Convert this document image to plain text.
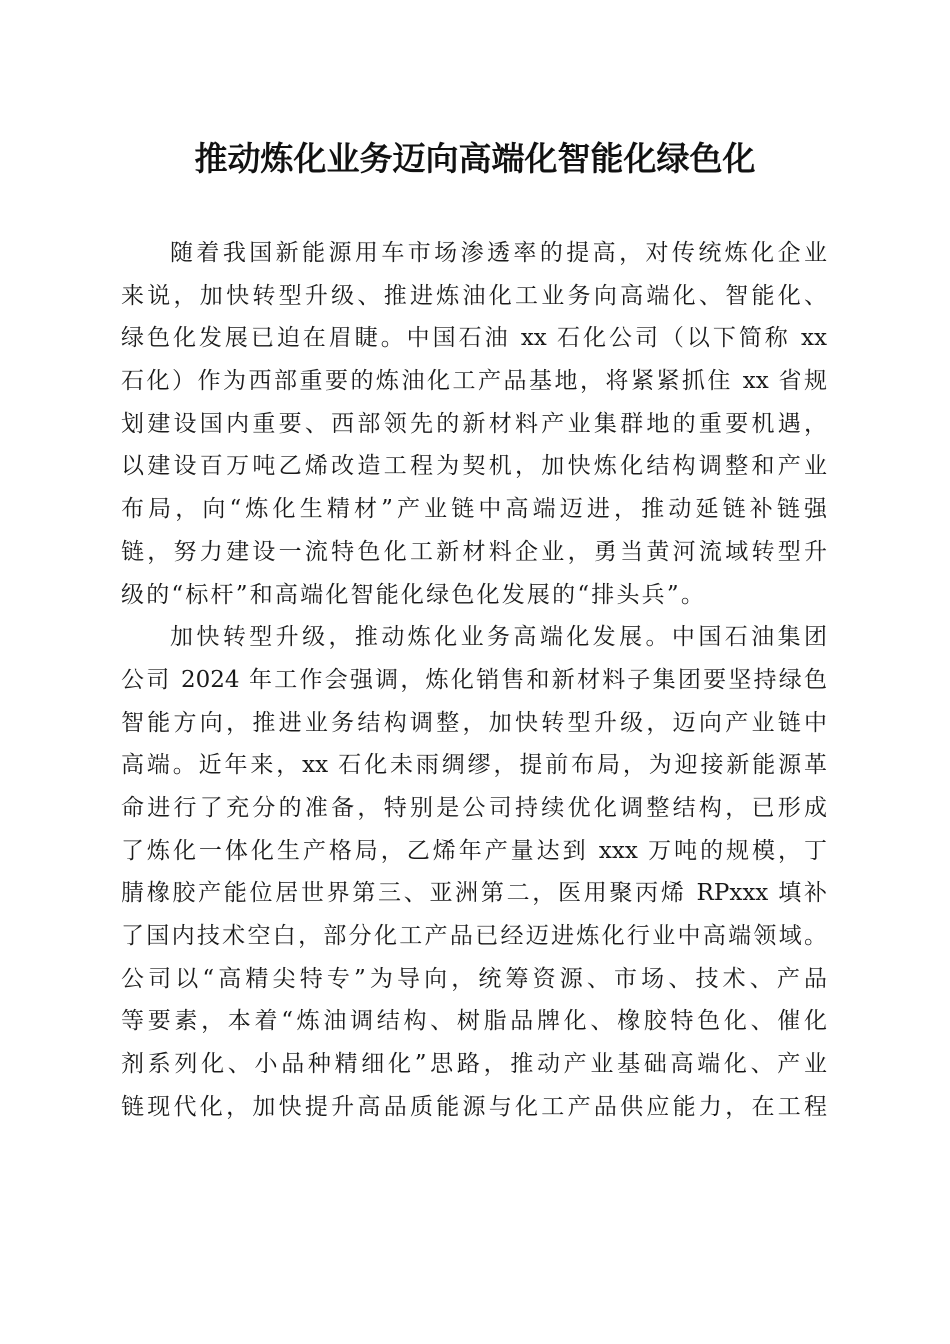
推动炼化业务迈向高端化智能化绿色化
随着我国新能源用车市场渗透率的提高，对传统炼化企业
来说，加快转型升级、推进炼油化工业务向高端化、智能化、
绿色化发展已迫在眉睫。中国石油 xx 石化公司（以下简称 xx
石化）作为西部重要的炼油化工产品基地，将紧紧抓住 xx 省规
划建设国内重要、西部领先的新材料产业集群地的重要机遇，
以建设百万吨乙烯改造工程为契机，加快炼化结构调整和产业
布局，向“炼化生精材”产业链中高端迈进，推动延链补链强
链，努力建设一流特色化工新材料企业，勇当黄河流域转型升
级的“标杆”和高端化智能化绿色化发展的“排头兵”。
加快转型升级，推动炼化业务高端化发展。中国石油集团
公司 2024 年工作会强调，炼化销售和新材料子集团要坚持绿色
智能方向，推进业务结构调整，加快转型升级，迈向产业链中
高端。近年来，xx 石化未雨绸缪，提前布局，为迎接新能源革
命进行了充分的准备，特别是公司持续优化调整结构，已形成
了炼化一体化生产格局，乙烯年产量达到 xxx 万吨的规模，丁
腈橡胶产能位居世界第三、亚洲第二，医用聚丙烯 RPxxx 填补
了国内技术空白，部分化工产品已经迈进炼化行业中高端领域。
公司以“高精尖特专”为导向，统筹资源、市场、技术、产品
等要素，本着“炼油调结构、树脂品牌化、橡胶特色化、催化
剂系列化、小品种精细化”思路，推动产业基础高端化、产业
链现代化，加快提升高品质能源与化工产品供应能力，在工程
